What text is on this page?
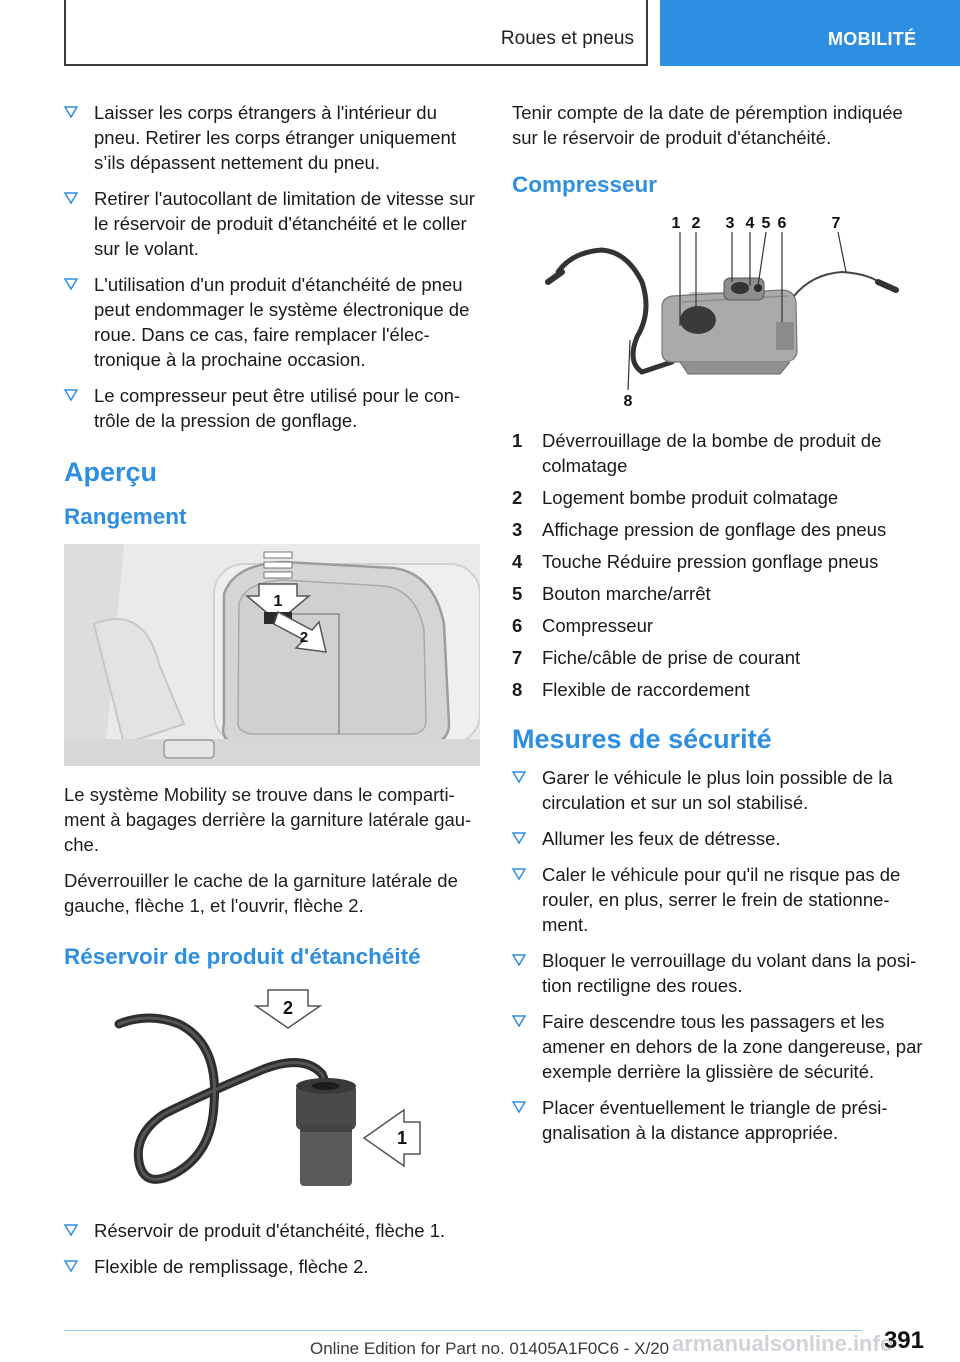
Roues et pneus	MOBILITÉ
Laisser les corps étrangers à l'intérieur du pneu. Retirer les corps étranger uniquement s’ils dépassent nettement du pneu.
Retirer l'autocollant de limitation de vitesse sur le réservoir de produit d'étanchéité et le coller sur le volant.
L'utilisation d'un produit d'étanchéité de pneu peut endommager le système électronique de roue. Dans ce cas, faire remplacer l'élec- tronique à la prochaine occasion.
Le compresseur peut être utilisé pour le con- trôle de la pression de gonflage.
Aperçu
Rangement
1
2
Le système Mobility se trouve dans le comparti- ment à bagages derrière la garniture latérale gau- che.
Déverrouiller le cache de la garniture latérale de gauche, flèche 1, et l'ouvrir, flèche 2.
Réservoir de produit d'étanchéité
2
1
Réservoir de produit d'étanchéité, flèche 1.
Flexible de remplissage, flèche 2.
Tenir compte de la date de péremption indiquée sur le réservoir de produit d'étanchéité.
Compresseur
1 2 3 4 5 6	7
8
1 Déverrouillage de la bombe de produit de colmatage
2 Logement bombe produit colmatage
3 Affichage pression de gonflage des pneus
4 Touche Réduire pression gonflage pneus
5 Bouton marche/arrêt
6 Compresseur
7 Fiche/câble de prise de courant
8 Flexible de raccordement
Mesures de sécurité
Garer le véhicule le plus loin possible de la circulation et sur un sol stabilisé.
Allumer les feux de détresse.
Caler le véhicule pour qu'il ne risque pas de rouler, en plus, serrer le frein de stationne- ment.
Bloquer le verrouillage du volant dans la posi- tion rectiligne des roues.
Faire descendre tous les passagers et les amener en dehors de la zone dangereuse, par exemple derrière la glissière de sécurité.
Placer éventuellement le triangle de prési- gnalisation à la distance appropriée.
391
Online Edition for Part no. 01405A1F0C6 - X/20 armanualsonline.info
